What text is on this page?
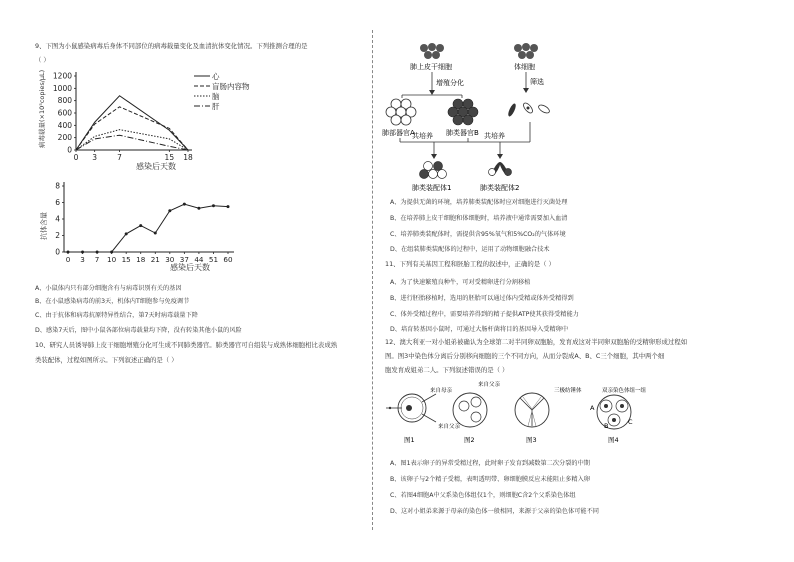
9、下图为小鼠感染病毒后身体不同部位的病毒载量变化及血清抗体变化情况。下列推测合理的是
（ ）
病毒载量(×10⁵copies/μL)
0
200
400
600
800
1000
1200
0 3	7	15 18
感染后天数
心
盲肠内容物
脑
肝
抗体含量
0
2
4
6
8
0 3 7 10 15 18 21 30 37 44 51 60
感染后天数
A、小鼠体内只有部分细胞含有与病毒识别有关的基因
B、在小鼠感染病毒的前3天，机体内T细胞参与免疫调节
C、由于抗体和病毒抗原特异性结合，第7天时病毒载量下降
D、感染7天后，图中小鼠各部位病毒载量均下降，没有转染其他小鼠的风险
10、研究人员诱导肺上皮干细胞增殖分化可生成不同肺类器官。肺类器官可自组装与成熟体细胞相比表成熟
类装配体，过程如图所示。下列叙述正确的是（ ）
肺上皮干细胞
增殖分化
肺部器官A	肺类器官B
体细胞
筛选
共培养	共培养
肺类装配体1	肺类装配体2
A、为提供无菌的环境，培养肺类装配体时应对细胞进行灭菌处理
B、在培养肺上皮干细胞和体细胞时，培养液中通常需要加入血清
C、培养肺类装配体时，需提供含95%氧气和5%CO₂的气体环境
D、在组装肺类装配体的过程中，运用了动物细胞融合技术
11、下列有关基因工程和胚胎工程的叙述中，正确的是（ ）
A、为了快速繁殖良种牛，可对受精卵进行分割移植
B、进行胚胎移植时，选用的胚胎可以通过体内受精或体外受精得到
C、体外受精过程中，需要培养得到的精子提供ATP使其获得受精能力
D、培育转基因小鼠时，可通过大肠杆菌将目的基因导入受精卵中
12、澳大利亚一对小姐弟被确认为全球第二对半同卵双胞胎，发育成这对半同卵双胞胎的受精卵形成过程如
图。图3中染色体分离后分别移向细胞的三个不同方向，从而分裂成A、B、C三个细胞，其中两个细
胞发育成姐弟二人。下列叙述错误的是（ ）
图1
来自母亲
来自父亲
来自父亲
图2	图3
三极纺锤体	双亲染色体组一组
A
B	C
图4
A、图1表示卵子的异常受精过程，此时卵子发育到减数第二次分裂的中期
B、该卵子与2个精子受精，表明透明带、卵细胞膜反应未能阻止多精入卵
C、若图4细胞A中父系染色体组仅1个，则细胞C含2个父系染色体组
D、这对小姐弟来源于母亲的染色体一般相同，来源于父亲的染色体可能不同
